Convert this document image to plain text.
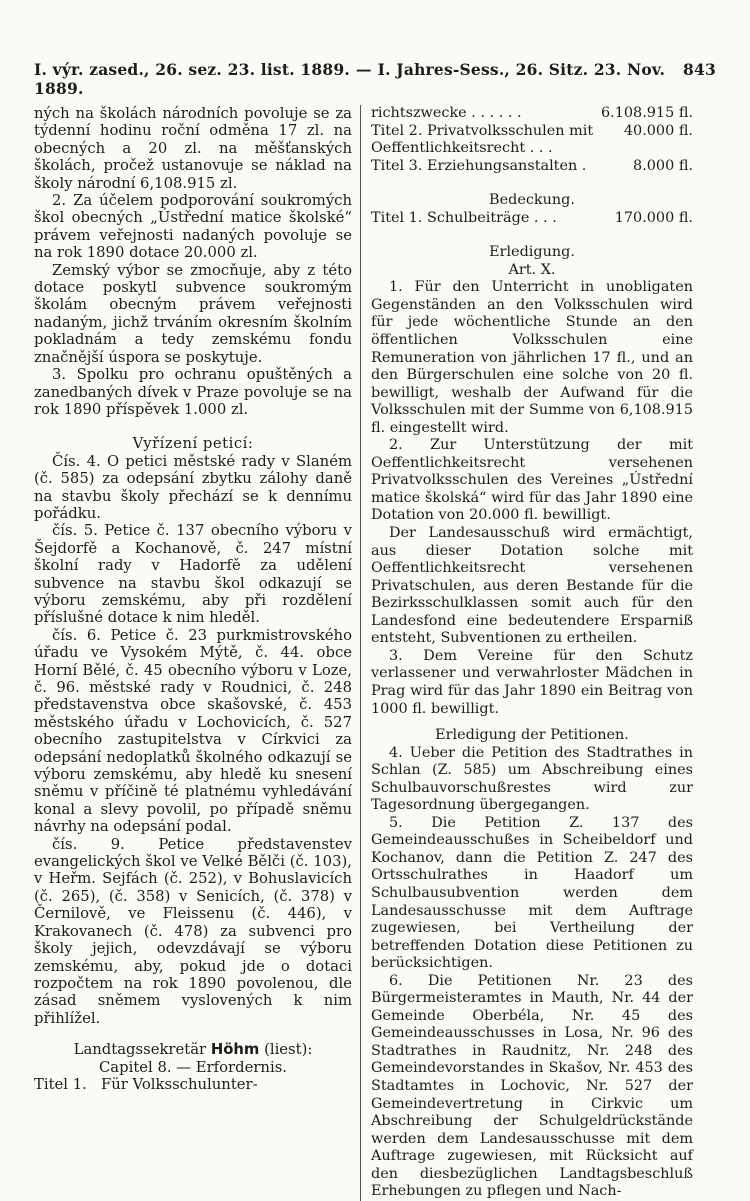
I. výr. zased., 26. sez. 23. list. 1889. — I. Jahres-Sess., 26. Sitz. 23. Nov. 1889.
843

ných na školách národních povoluje se za týdenní hodinu roční odměna 17 zl. na obecných a 20 zl. na měšťanských školách, pročež ustanovuje se náklad na školy národní 6,108.915 zl.

2. Za účelem podporování soukromých škol obecných „Ústřední matice školské“ právem veřejnosti nadaných povoluje se na rok 1890 dotace 20.000 zl.

Zemský výbor se zmocňuje, aby z této dotace poskytl subvence soukromým školám obecným právem veřejnosti nadaným, jichž trváním okresním školním pokladnám a tedy zemskému fondu značnější úspora se poskytuje.

3. Spolku pro ochranu opuštěných a zanedbaných dívek v Praze povoluje se na rok 1890 příspěvek 1.000 zl.

Vyřízení peticí:

Čís. 4. O petici městské rady v Slaném (č. 585) za odepsání zbytku zálohy daně na stavbu školy přechází se k dennímu pořádku.

čís. 5. Petice č. 137 obecního výboru v Šejdorfě a Kochanově, č. 247 místní školní rady v Hadorfě za udělení subvence na stavbu škol odkazují se výboru zemskému, aby při rozdělení příslušné dotace k nim hleděl.

čís. 6. Petice č. 23 purkmistrovského úřadu ve Vysokém Mýtě, č. 44. obce Horní Bělé, č. 45 obecního výboru v Loze, č. 96. městské rady v Roudnici, č. 248 představenstva obce skašovské, č. 453 městského úřadu v Lochovicích, č. 527 obecního zastupitelstva v Církvici za odepsání nedoplatků školného odkazují se výboru zemskému, aby hledě ku snesení sněmu v příčině té platnému vyhledávání konal a slevy povolil, po případě sněmu návrhy na odepsání podal.

čís. 9. Petice představenstev evangelických škol ve Velké Bělči (č. 103), v Heřm. Sejfách (č. 252), v Bohuslavicích (č. 265), (č. 358) v Senicích, (č. 378) v Černilově, ve Fleissenu (č. 446), v Krakovanech (č. 478) za subvenci pro školy jejich, odevzdávají se výboru zemskému, aby, pokud jde o dotaci rozpočtem na rok 1890 povolenou, dle zásad sněmem vyslovených k nim přihlížel.

Landtagssekretär Höhm (liest):

Capitel 8. — Erfordernis.

Titel 1. Für Volksschulunter-

richtszwecke . . . . . .	6.108.915 fl.
Titel 2. Privatvolksschulen mit Oeffentlichkeitsrecht . . .
40.000 fl.
Titel 3. Erziehungsanstalten .	8.000 fl.

Bedeckung.

Titel 1. Schulbeiträge . . .	170.000 fl.

Erledigung.

Art. X.

1. Für den Unterricht in unobligaten Gegenständen an den Volksschulen wird für jede wöchentliche Stunde an den öffentlichen Volksschulen eine Remuneration von jährlichen 17 fl., und an den Bürgerschulen eine solche von 20 fl. bewilligt, weshalb der Aufwand für die Volksschulen mit der Summe von 6,108.915 fl. eingestellt wird.

2. Zur Unterstützung der mit Oeffentlichkeitsrecht versehenen Privatvolksschulen des Vereines „Ústřední matice školská“ wird für das Jahr 1890 eine Dotation von 20.000 fl. bewilligt.

Der Landesausschuß wird ermächtigt, aus dieser Dotation solche mit Oeffentlichkeitsrecht versehenen Privatschulen, aus deren Bestande für die Bezirksschulklassen somit auch für den Landesfond eine bedeutendere Ersparniß entsteht, Subventionen zu ertheilen.

3. Dem Vereine für den Schutz verlassener und verwahrloster Mädchen in Prag wird für das Jahr 1890 ein Beitrag von 1000 fl. bewilligt.

Erledigung der Petitionen.

4. Ueber die Petition des Stadtrathes in Schlan (Z. 585) um Abschreibung eines Schulbauvorschußrestes wird zur Tagesordnung übergegangen.

5. Die Petition Z. 137 des Gemeindeausschußes in Scheibeldorf und Kochanov, dann die Petition Z. 247 des Ortsschulrathes in Haadorf um Schulbausubvention werden dem Landesausschusse mit dem Auftrage zugewiesen, bei Vertheilung der betreffenden Dotation diese Petitionen zu berücksichtigen.

6. Die Petitionen Nr. 23 des Bürgermeisteramtes in Mauth, Nr. 44 der Gemeinde Oberbéla, Nr. 45 des Gemeindeausschusses in Losa, Nr. 96 des Stadtrathes in Raudnitz, Nr. 248 des Gemeindevorstandes in Skašov, Nr. 453 des Stadtamtes in Lochovic, Nr. 527 der Gemeindevertretung in Cirkvic um Abschreibung der Schulgeldrückstände werden dem Landesausschusse mit dem Auftrage zugewiesen, mit Rücksicht auf den diesbezüglichen Landtagsbeschluß Erhebungen zu pflegen und Nach-
